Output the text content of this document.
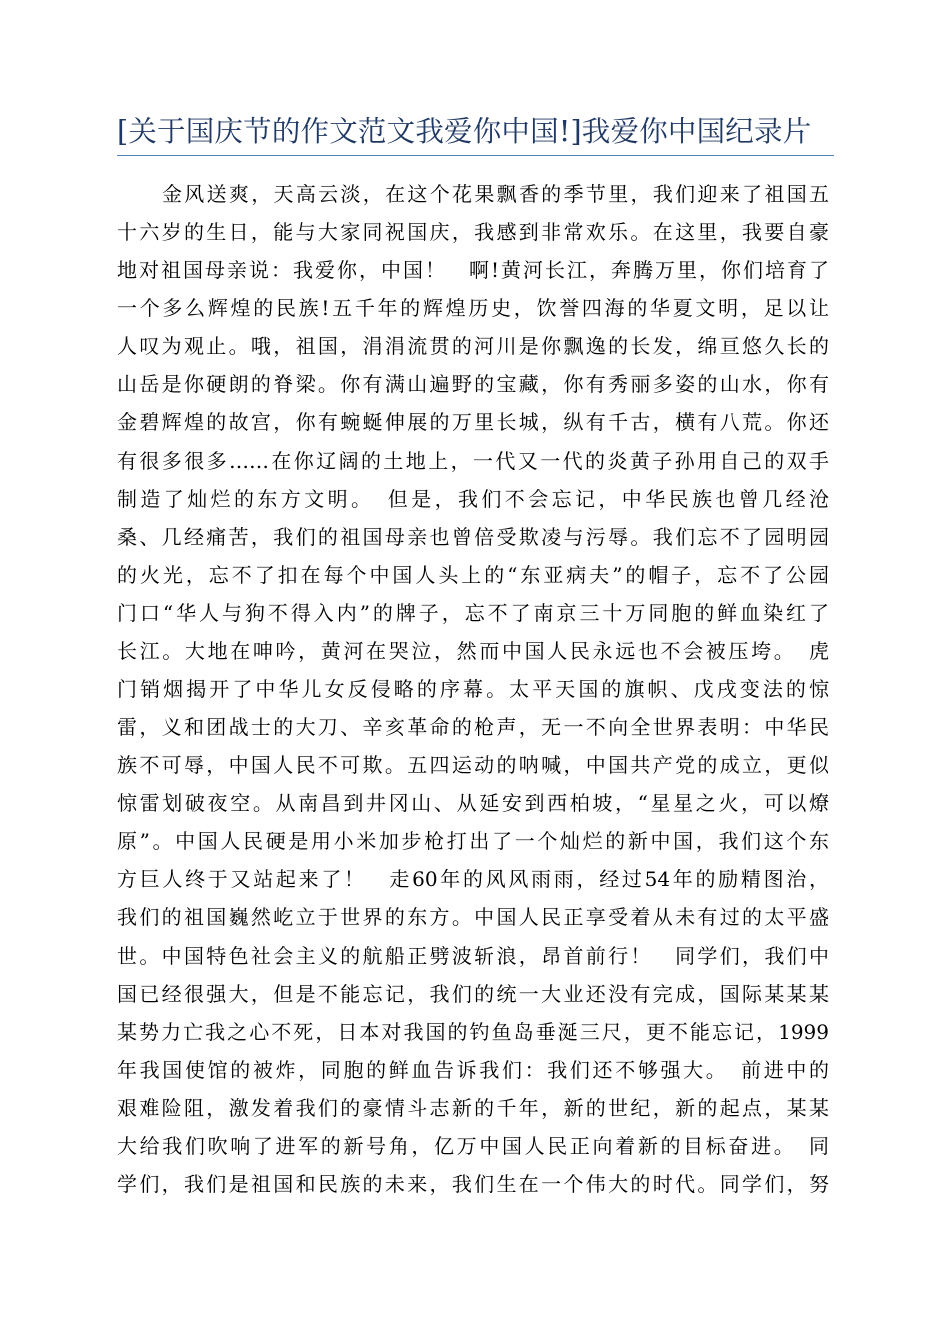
[关于国庆节的作文范文我爱你中国!]我爱你中国纪录片
金风送爽，天高云淡，在这个花果飘香的季节里，我们迎来了祖国五
十六岁的生日，能与大家同祝国庆，我感到非常欢乐。在这里，我要自豪
地对祖国母亲说：我爱你，中国！　啊!黄河长江，奔腾万里，你们培育了
一个多么辉煌的民族!五千年的辉煌历史，饮誉四海的华夏文明，足以让
人叹为观止。哦，祖国，涓涓流贯的河川是你飘逸的长发，绵亘悠久长的
山岳是你硬朗的脊梁。你有满山遍野的宝藏，你有秀丽多姿的山水，你有
金碧辉煌的故宫，你有蜿蜒伸展的万里长城，纵有千古，横有八荒。你还
有很多很多……在你辽阔的土地上，一代又一代的炎黄子孙用自己的双手
制造了灿烂的东方文明。　但是，我们不会忘记，中华民族也曾几经沧
桑、几经痛苦，我们的祖国母亲也曾倍受欺凌与污辱。我们忘不了园明园
的火光，忘不了扣在每个中国人头上的“东亚病夫”的帽子，忘不了公园
门口“华人与狗不得入内”的牌子，忘不了南京三十万同胞的鲜血染红了
长江。大地在呻吟，黄河在哭泣，然而中国人民永远也不会被压垮。　虎
门销烟揭开了中华儿女反侵略的序幕。太平天国的旗帜、戊戌变法的惊
雷，义和团战士的大刀、辛亥革命的枪声，无一不向全世界表明：中华民
族不可辱，中国人民不可欺。五四运动的呐喊，中国共产党的成立，更似
惊雷划破夜空。从南昌到井冈山、从延安到西柏坡，“星星之火，可以燎
原”。中国人民硬是用小米加步枪打出了一个灿烂的新中国，我们这个东
方巨人终于又站起来了！　走60年的风风雨雨，经过54年的励精图治，
我们的祖国巍然屹立于世界的东方。中国人民正享受着从未有过的太平盛
世。中国特色社会主义的航船正劈波斩浪，昂首前行！　同学们，我们中
国已经很强大，但是不能忘记，我们的统一大业还没有完成，国际某某某
某势力亡我之心不死，日本对我国的钓鱼岛垂涎三尺，更不能忘记，1999
年我国使馆的被炸，同胞的鲜血告诉我们：我们还不够强大。　前进中的
艰难险阻，激发着我们的豪情斗志新的千年，新的世纪，新的起点，某某
大给我们吹响了进军的新号角，亿万中国人民正向着新的目标奋进。　同
学们，我们是祖国和民族的未来，我们生在一个伟大的时代。同学们，努
